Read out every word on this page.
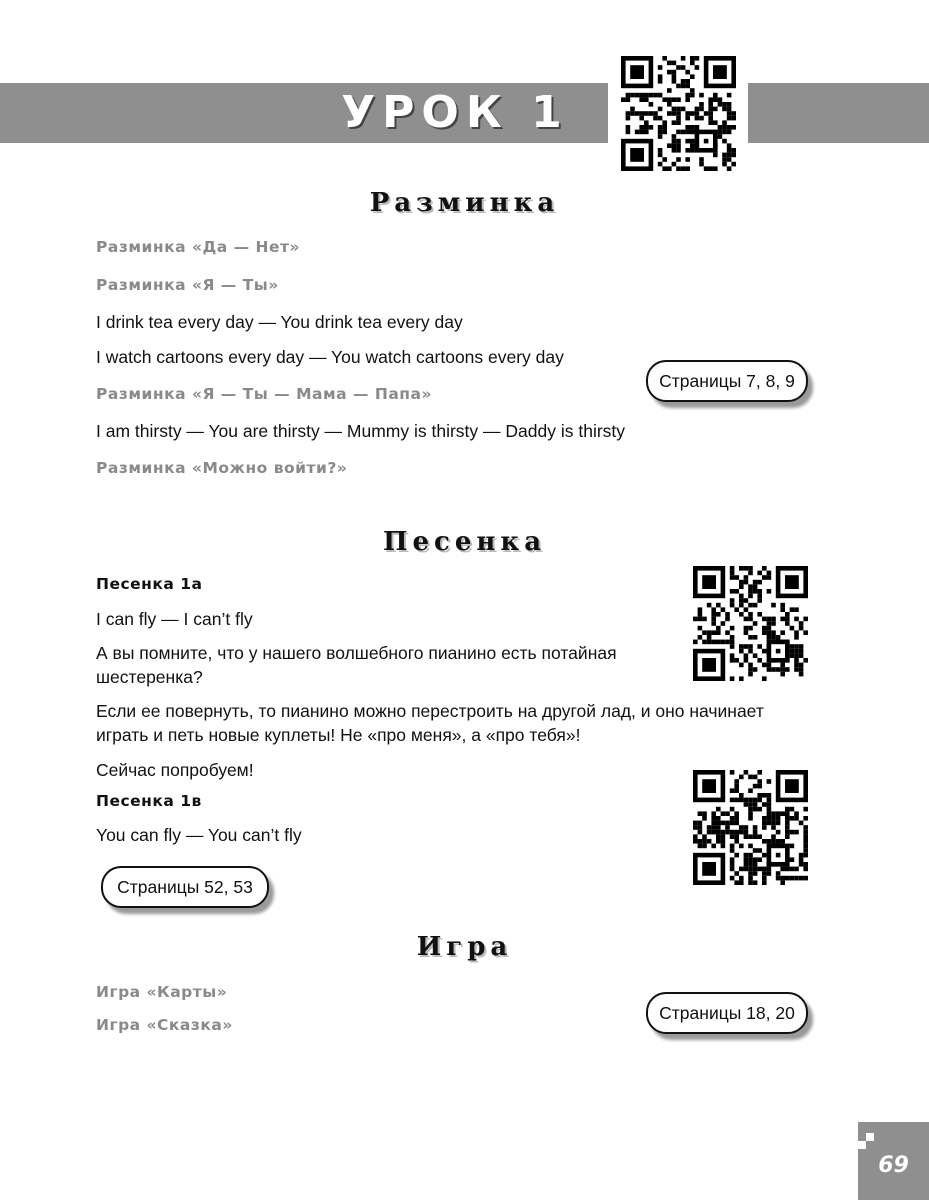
УРОК 1
Разминка
Разминка «Да — Нет»
Разминка «Я — Ты»
I drink tea every day — You drink tea every day
I watch cartoons every day — You watch cartoons every day
Разминка «Я — Ты — Мама — Папа»
I am thirsty — You are thirsty — Mummy is thirsty — Daddy is thirsty
Разминка «Можно войти?»
Страницы 7, 8, 9
Песенка
Песенка 1а
I can fly — I can’t fly
А вы помните, что у нашего волшебного пианино есть потайная
шестеренка?
Если ее повернуть, то пианино можно перестроить на другой лад, и оно начинает
играть и петь новые куплеты! Не «про меня», а «про тебя»!
Сейчас попробуем!
Песенка 1в
You can fly — You can’t fly
Страницы 52, 53
Игра
Игра «Карты»
Игра «Сказка»
Страницы 18, 20
69
